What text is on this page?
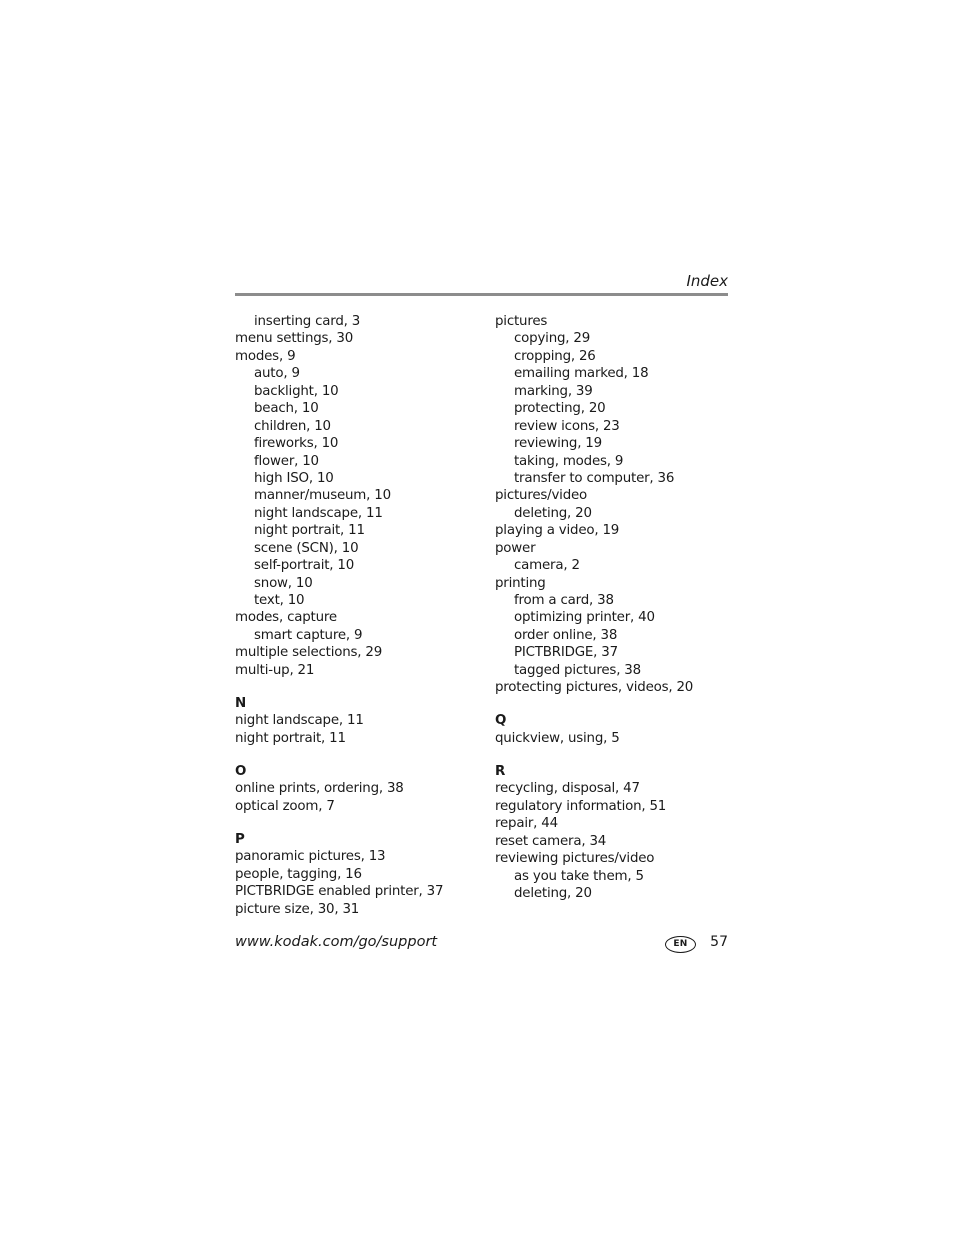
Index
inserting card, 3
menu settings, 30
modes, 9
auto, 9
backlight, 10
beach, 10
children, 10
fireworks, 10
flower, 10
high ISO, 10
manner/museum, 10
night landscape, 11
night portrait, 11
scene (SCN), 10
self-portrait, 10
snow, 10
text, 10
modes, capture
smart capture, 9
multiple selections, 29
multi-up, 21
N
night landscape, 11
night portrait, 11
O
online prints, ordering, 38
optical zoom, 7
P
panoramic pictures, 13
people, tagging, 16
PICTBRIDGE enabled printer, 37
picture size, 30, 31
pictures
copying, 29
cropping, 26
emailing marked, 18
marking, 39
protecting, 20
review icons, 23
reviewing, 19
taking, modes, 9
transfer to computer, 36
pictures/video
deleting, 20
playing a video, 19
power
camera, 2
printing
from a card, 38
optimizing printer, 40
order online, 38
PICTBRIDGE, 37
tagged pictures, 38
protecting pictures, videos, 20
Q
quickview, using, 5
R
recycling, disposal, 47
regulatory information, 51
repair, 44
reset camera, 34
reviewing pictures/video
as you take them, 5
deleting, 20
www.kodak.com/go/support	EN	57
